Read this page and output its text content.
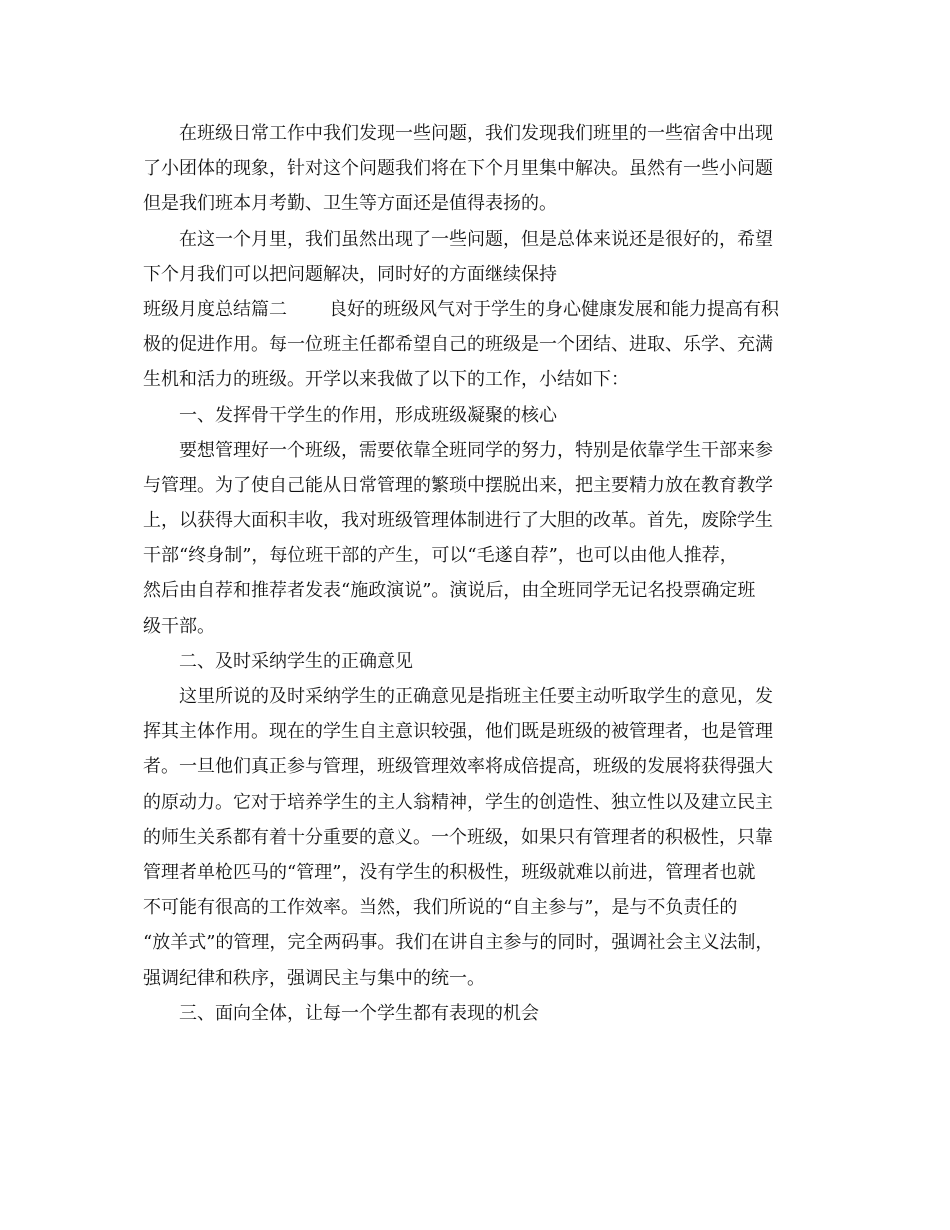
在班级日常工作中我们发现一些问题，我们发现我们班里的一些宿舍中出现
了小团体的现象，针对这个问题我们将在下个月里集中解决。虽然有一些小问题
但是我们班本月考勤、卫生等方面还是值得表扬的。
在这一个月里，我们虽然出现了一些问题，但是总体来说还是很好的，希望
下个月我们可以把问题解决，同时好的方面继续保持
班级月度总结篇二 良好的班级风气对于学生的身心健康发展和能力提高有积
极的促进作用。每一位班主任都希望自己的班级是一个团结、进取、乐学、充满
生机和活力的班级。开学以来我做了以下的工作，小结如下：
一、发挥骨干学生的作用，形成班级凝聚的核心
要想管理好一个班级，需要依靠全班同学的努力，特别是依靠学生干部来参
与管理。为了使自己能从日常管理的繁琐中摆脱出来，把主要精力放在教育教学
上，以获得大面积丰收，我对班级管理体制进行了大胆的改革。首先，废除学生
干部“终身制”，每位班干部的产生，可以“毛遂自荐”，也可以由他人推荐，
然后由自荐和推荐者发表“施政演说”。演说后，由全班同学无记名投票确定班
级干部。
二、及时采纳学生的正确意见
这里所说的及时采纳学生的正确意见是指班主任要主动听取学生的意见，发
挥其主体作用。现在的学生自主意识较强，他们既是班级的被管理者，也是管理
者。一旦他们真正参与管理，班级管理效率将成倍提高，班级的发展将获得强大
的原动力。它对于培养学生的主人翁精神，学生的创造性、独立性以及建立民主
的师生关系都有着十分重要的意义。一个班级，如果只有管理者的积极性，只靠
管理者单枪匹马的“管理”，没有学生的积极性，班级就难以前进，管理者也就
不可能有很高的工作效率。当然，我们所说的“自主参与”，是与不负责任的
“放羊式”的管理，完全两码事。我们在讲自主参与的同时，强调社会主义法制，
强调纪律和秩序，强调民主与集中的统一。
三、面向全体，让每一个学生都有表现的机会
